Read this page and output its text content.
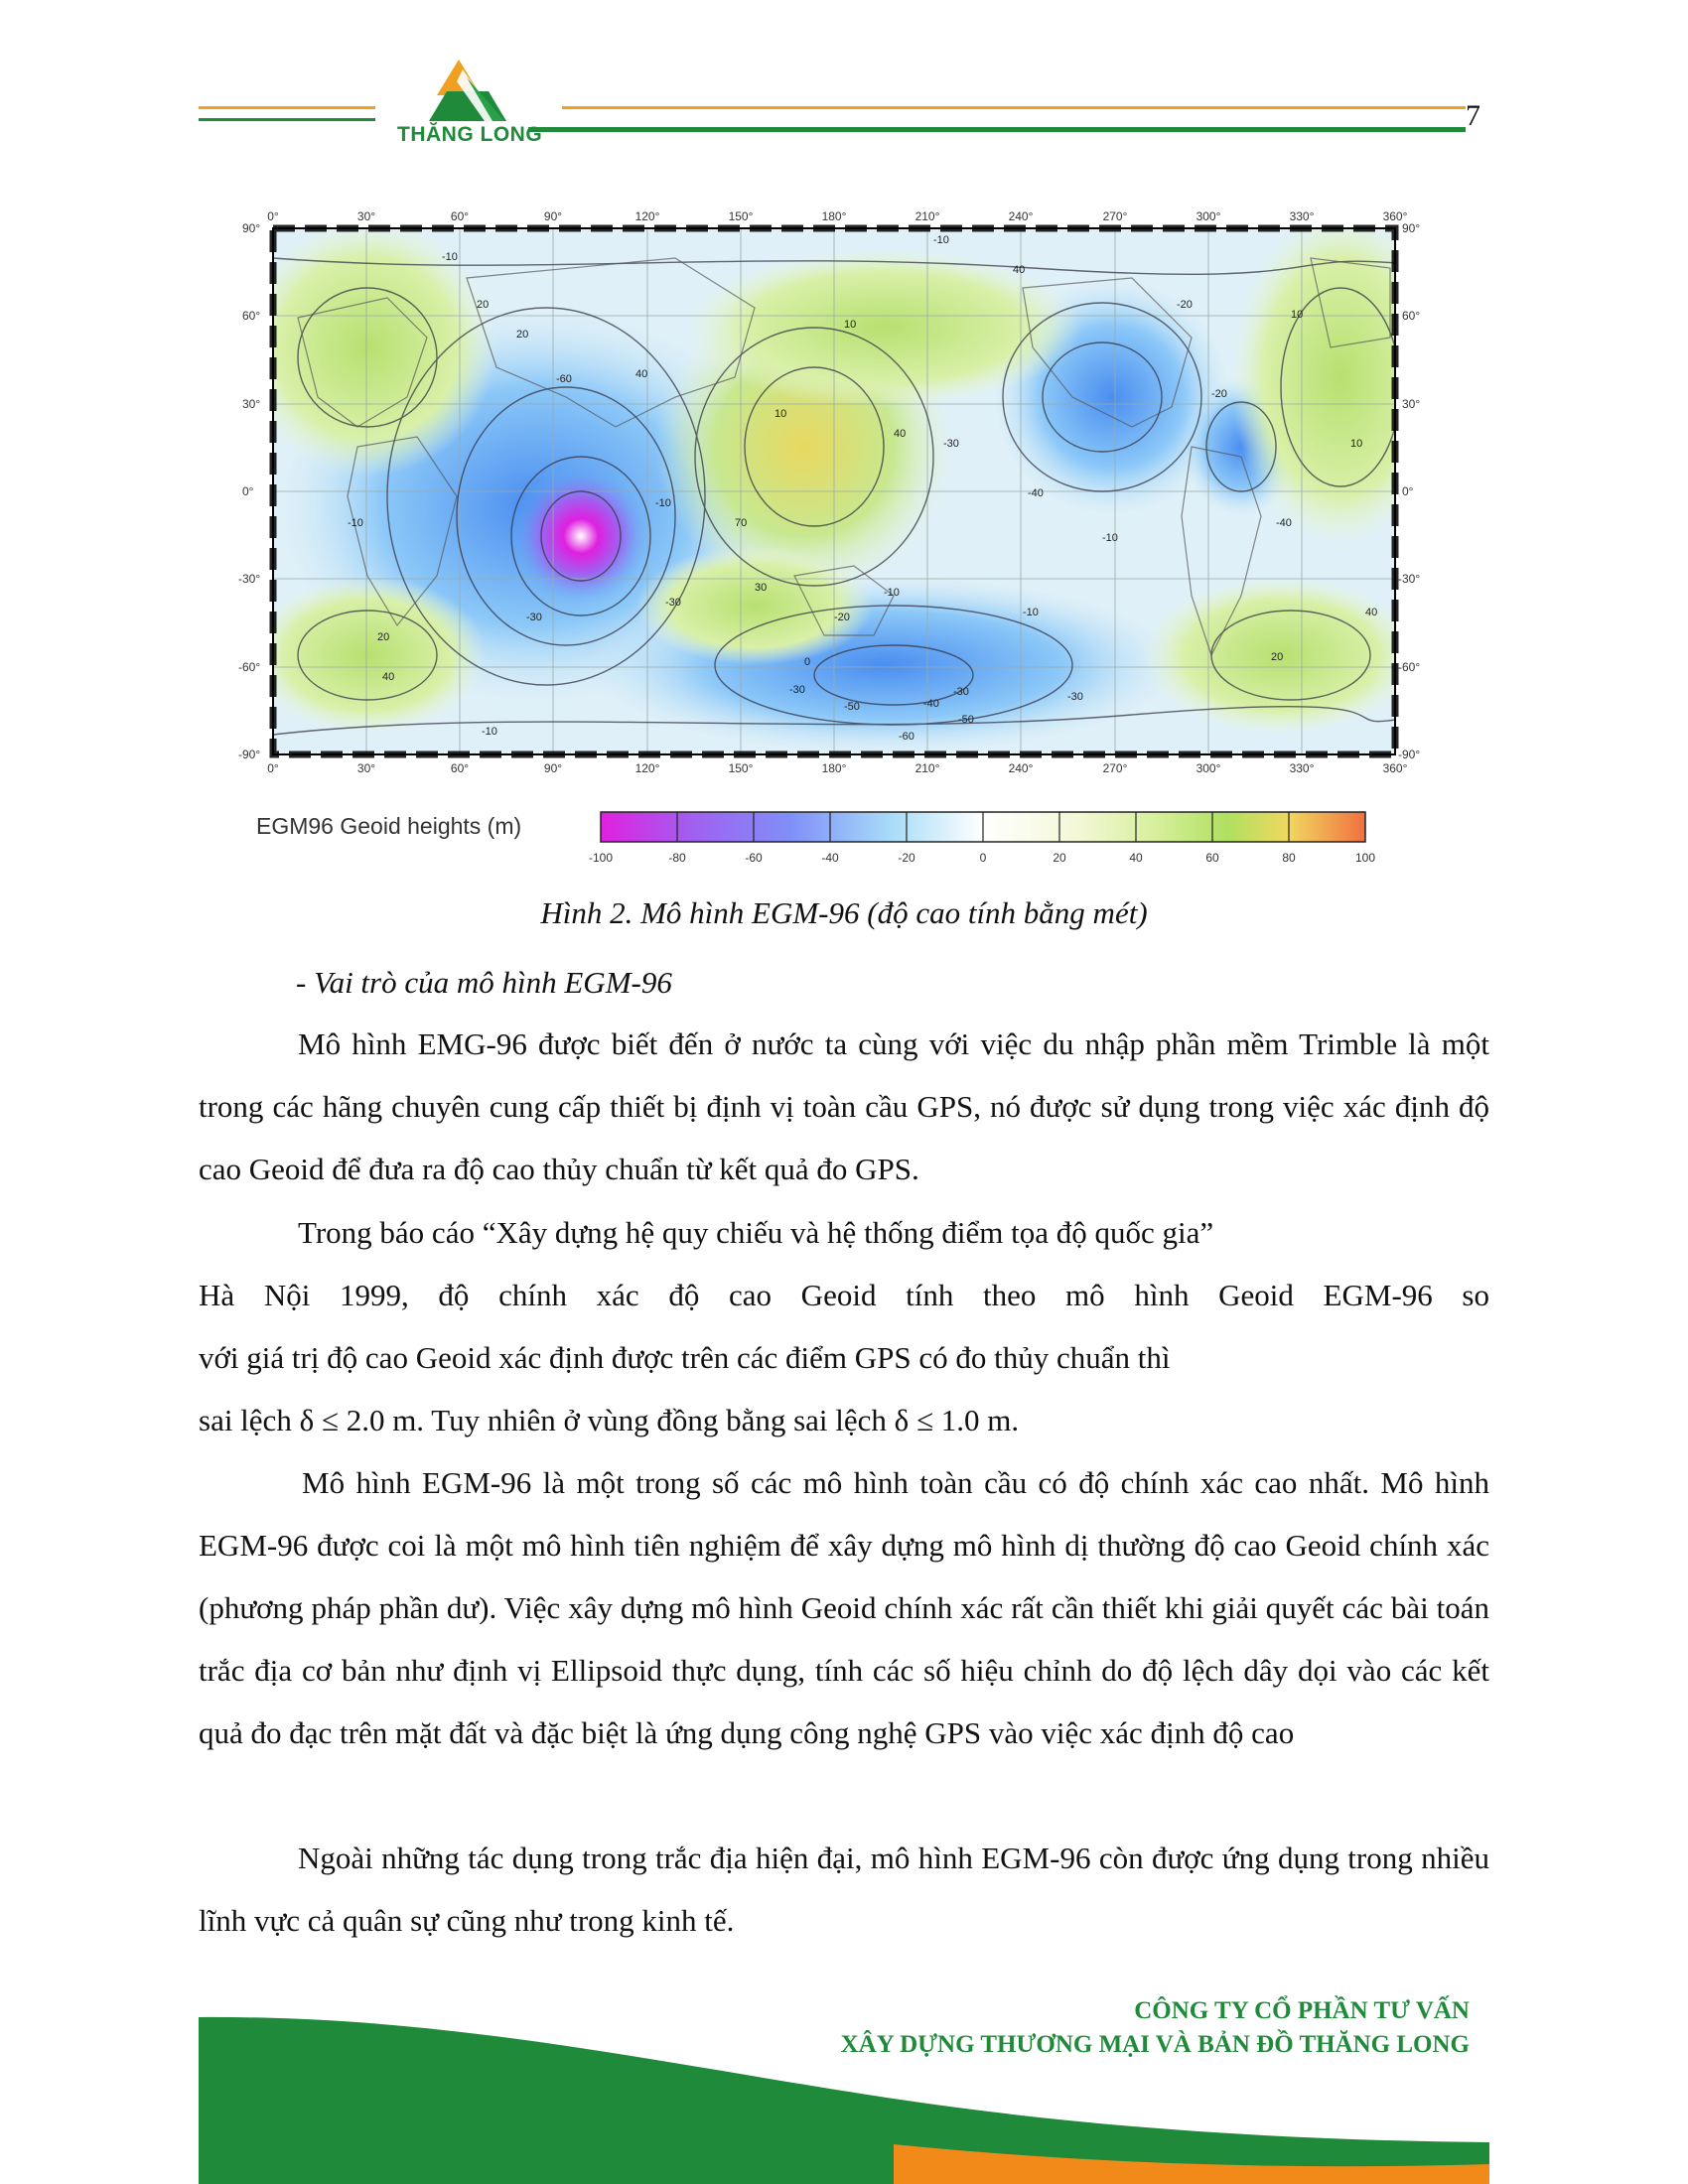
THĂNG LONG
7
-10
20
20
-60	40
10
40
-10
10
-20
-30
-40
-30
-10
-10
0
70
30
40
20
-10
-30
-50
-30
-40
-60
-50
-30
-40
-20
-10
10
10
40
20
40
-20
-10
-10
-30
0°	30°	60°	90°	120°	150°	180°	210°	240°	270°	300°	330°	360°
0°	30°	60°	90°	120°	150°	180°	210°	240°	270°	300°	330°	360°
90°
60°
30°
0°
-30°
-60°
-90°
90°
60°
30°
0°
-30°
-60°
-90°
EGM96 Geoid heights (m)
-100	-80	-60	-40	-20	0	20	40	60	80	100
Hình 2. Mô hình EGM-96 (độ cao tính bằng mét)
- Vai trò của mô hình EGM-96
Mô hình EMG-96 được biết đến ở nước ta cùng với việc du nhập phần mềm Trimble là một trong các hãng chuyên cung cấp thiết bị định vị toàn cầu GPS, nó được sử dụng trong việc xác định độ cao Geoid để đưa ra độ cao thủy chuẩn từ kết quả đo GPS.
Trong báo cáo “Xây dựng hệ quy chiếu và hệ thống điểm tọa độ quốc gia”
Hà Nội 1999, độ chính xác độ cao Geoid tính theo mô hình Geoid EGM-96 so
với giá trị độ cao Geoid xác định được trên các điểm GPS có đo thủy chuẩn thì
sai lệch δ ≤ 2.0 m. Tuy nhiên ở vùng đồng bằng sai lệch δ ≤ 1.0 m.
Mô hình EGM-96 là một trong số các mô hình toàn cầu có độ chính xác cao nhất. Mô hình EGM-96 được coi là một mô hình tiên nghiệm để xây dựng mô hình dị thường độ cao Geoid chính xác (phương pháp phần dư). Việc xây dựng mô hình Geoid chính xác rất cần thiết khi giải quyết các bài toán trắc địa cơ bản như định vị Ellipsoid thực dụng, tính các số hiệu chỉnh do độ lệch dây dọi vào các kết quả đo đạc trên mặt đất và đặc biệt là ứng dụng công nghệ GPS vào việc xác định độ cao
Ngoài những tác dụng trong trắc địa hiện đại, mô hình EGM-96 còn được ứng dụng trong nhiều lĩnh vực cả quân sự cũng như trong kinh tế.
CÔNG TY CỔ PHẦN TƯ VẤN
XÂY DỰNG THƯƠNG MẠI VÀ BẢN ĐỒ THĂNG LONG
